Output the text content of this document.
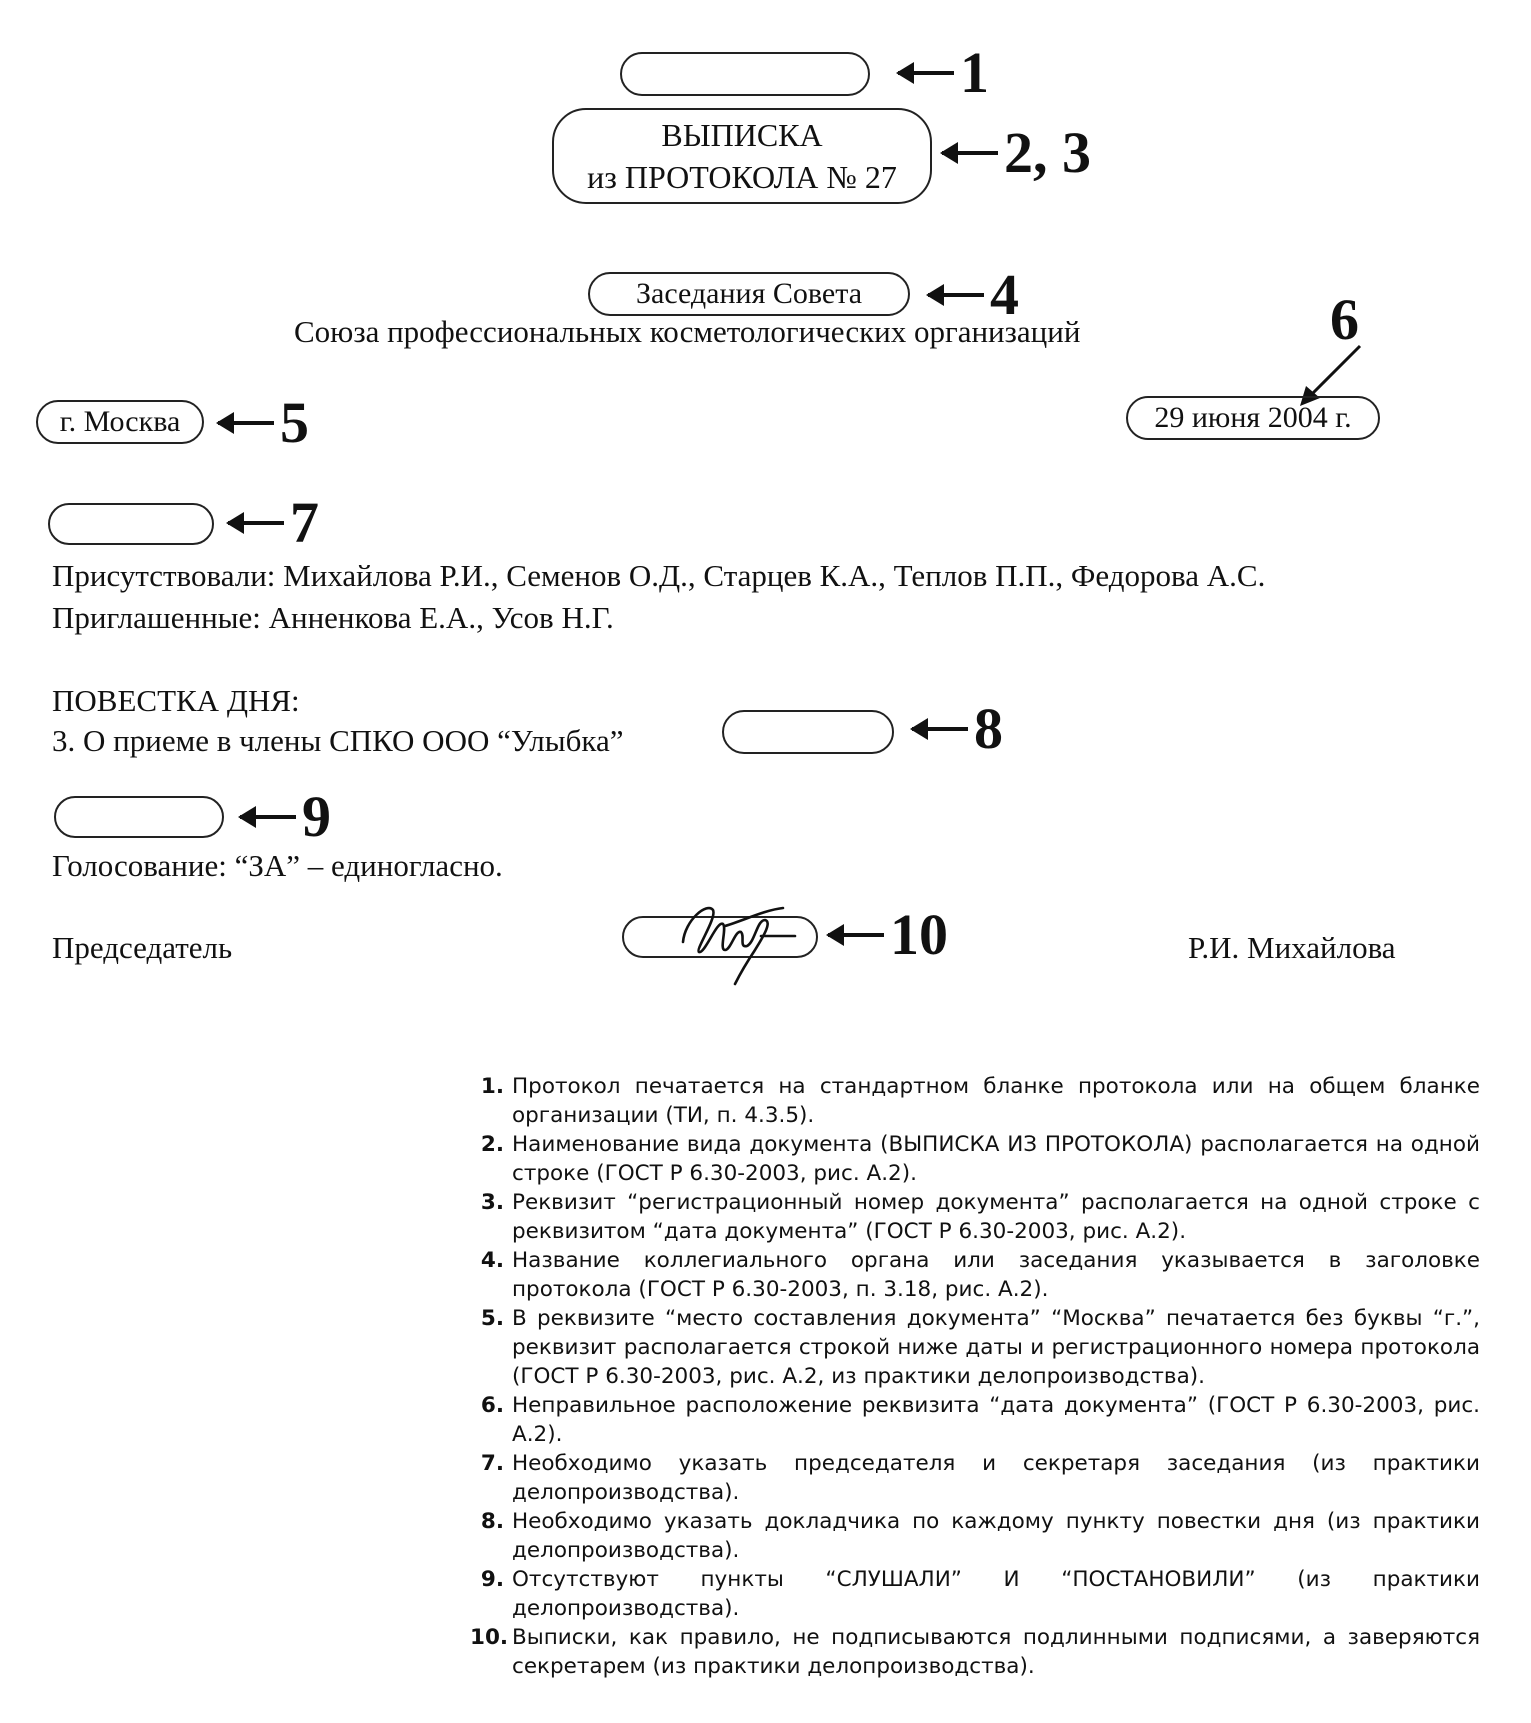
1
ВЫПИСКА
из ПРОТОКОЛА № 27	2, 3
Заседания Совета 4
Союза профессиональных косметологических организаций	6
г. Москва 5	29 июня 2004 г.
7
Присутствовали: Михайлова Р.И., Семенов О.Д., Старцев К.А., Теплов П.П., Федорова А.С.
Приглашенные: Анненкова Е.А., Усов Н.Г.
ПОВЕСТКА ДНЯ:
3. О приеме в члены СПКО ООО “Улыбка”	8
9
Голосование: “ЗА” – единогласно.
Председатель	10	Р.И. Михайлова
1. Протокол печатается на стандартном бланке протокола или на общем бланке организации (ТИ, п. 4.3.5).
2. Наименование вида документа (ВЫПИСКА ИЗ ПРОТОКОЛА) располагается на одной строке (ГОСТ Р 6.30-2003, рис. А.2).
3. Реквизит “регистрационный номер документа” располагается на одной строке с реквизитом “дата документа” (ГОСТ Р 6.30-2003, рис. А.2).
4. Название коллегиального органа или заседания указывается в заголовке протокола (ГОСТ Р 6.30-2003, п. 3.18, рис. А.2).
5. В реквизите “место составления документа” “Москва” печатается без буквы “г.”, реквизит располагается строкой ниже даты и регистрационного номера протокола (ГОСТ Р 6.30-2003, рис. А.2, из практики делопроизводства).
6. Неправильное расположение реквизита “дата документа” (ГОСТ Р 6.30-2003, рис. А.2).
7. Необходимо указать председателя и секретаря заседания (из практики делопроизводства).
8. Необходимо указать докладчика по каждому пункту повестки дня (из практики делопроизводства).
9. Отсутствуют пункты “СЛУШАЛИ” И “ПОСТАНОВИЛИ” (из практики делопроизводства).
10. Выписки, как правило, не подписываются подлинными подписями, а заверяются секретарем (из практики делопроизводства).
